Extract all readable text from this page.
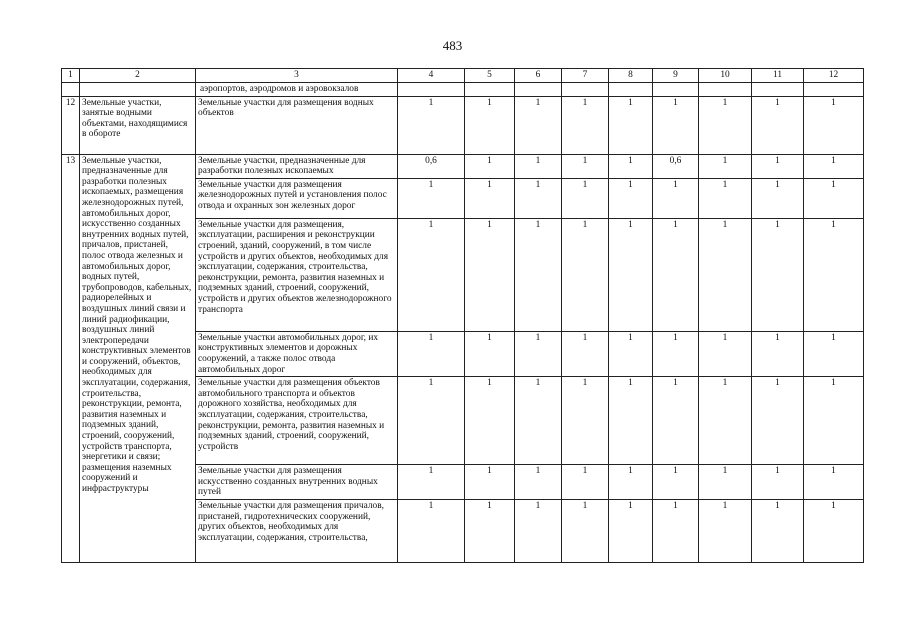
483
1	2	3	4	5	6	7	8	9	10	11	12
		аэропортов, аэродромов и аэровокзалов									
12	Земельные участки, занятые водными объектами, находящимися в обороте	Земельные участки для размещения водных объектов	1	1	1	1	1	1	1	1	1
13	Земельные участки, предназначенные для разработки полезных ископаемых, размещения железнодорожных путей, автомобильных дорог, искусственно созданных внутренних водных путей, причалов, пристаней, полос отвода железных и автомобильных дорог, водных путей, трубопроводов, кабельных, радиорелейных и воздушных линий связи и линий радиофикации, воздушных линий электропередачи конструктивных элементов и сооружений, объектов, необходимых для эксплуатации, содержания, строительства, реконструкции, ремонта, развития наземных и подземных зданий, строений, сооружений, устройств транспорта, энергетики и связи; размещения наземных сооружений и инфраструктуры	Земельные участки, предназначенные для разработки полезных ископаемых	0,6	1	1	1	1	0,6	1	1	1
		Земельные участки для размещения железнодорожных путей и установления полос отвода и охранных зон железных дорог	1	1	1	1	1	1	1	1	1
		Земельные участки для размещения, эксплуатации, расширения и реконструкции строений, зданий, сооружений, в том числе устройств и других объектов, необходимых для эксплуатации, содержания, строительства, реконструкции, ремонта, развития наземных и подземных зданий, строений, сооружений, устройств и других объектов железнодорожного транспорта	1	1	1	1	1	1	1	1	1
		Земельные участки автомобильных дорог, их конструктивных элементов и дорожных сооружений, а также полос отвода автомобильных дорог	1	1	1	1	1	1	1	1	1
		Земельные участки для размещения объектов автомобильного транспорта и объектов дорожного хозяйства, необходимых для эксплуатации, содержания, строительства, реконструкции, ремонта, развития наземных и подземных зданий, строений, сооружений, устройств	1	1	1	1	1	1	1	1	1
		Земельные участки для размещения искусственно созданных внутренних водных путей	1	1	1	1	1	1	1	1	1
		Земельные участки для размещения причалов, пристаней, гидротехнических сооружений, других объектов, необходимых для эксплуатации, содержания, строительства,	1	1	1	1	1	1	1	1	1
